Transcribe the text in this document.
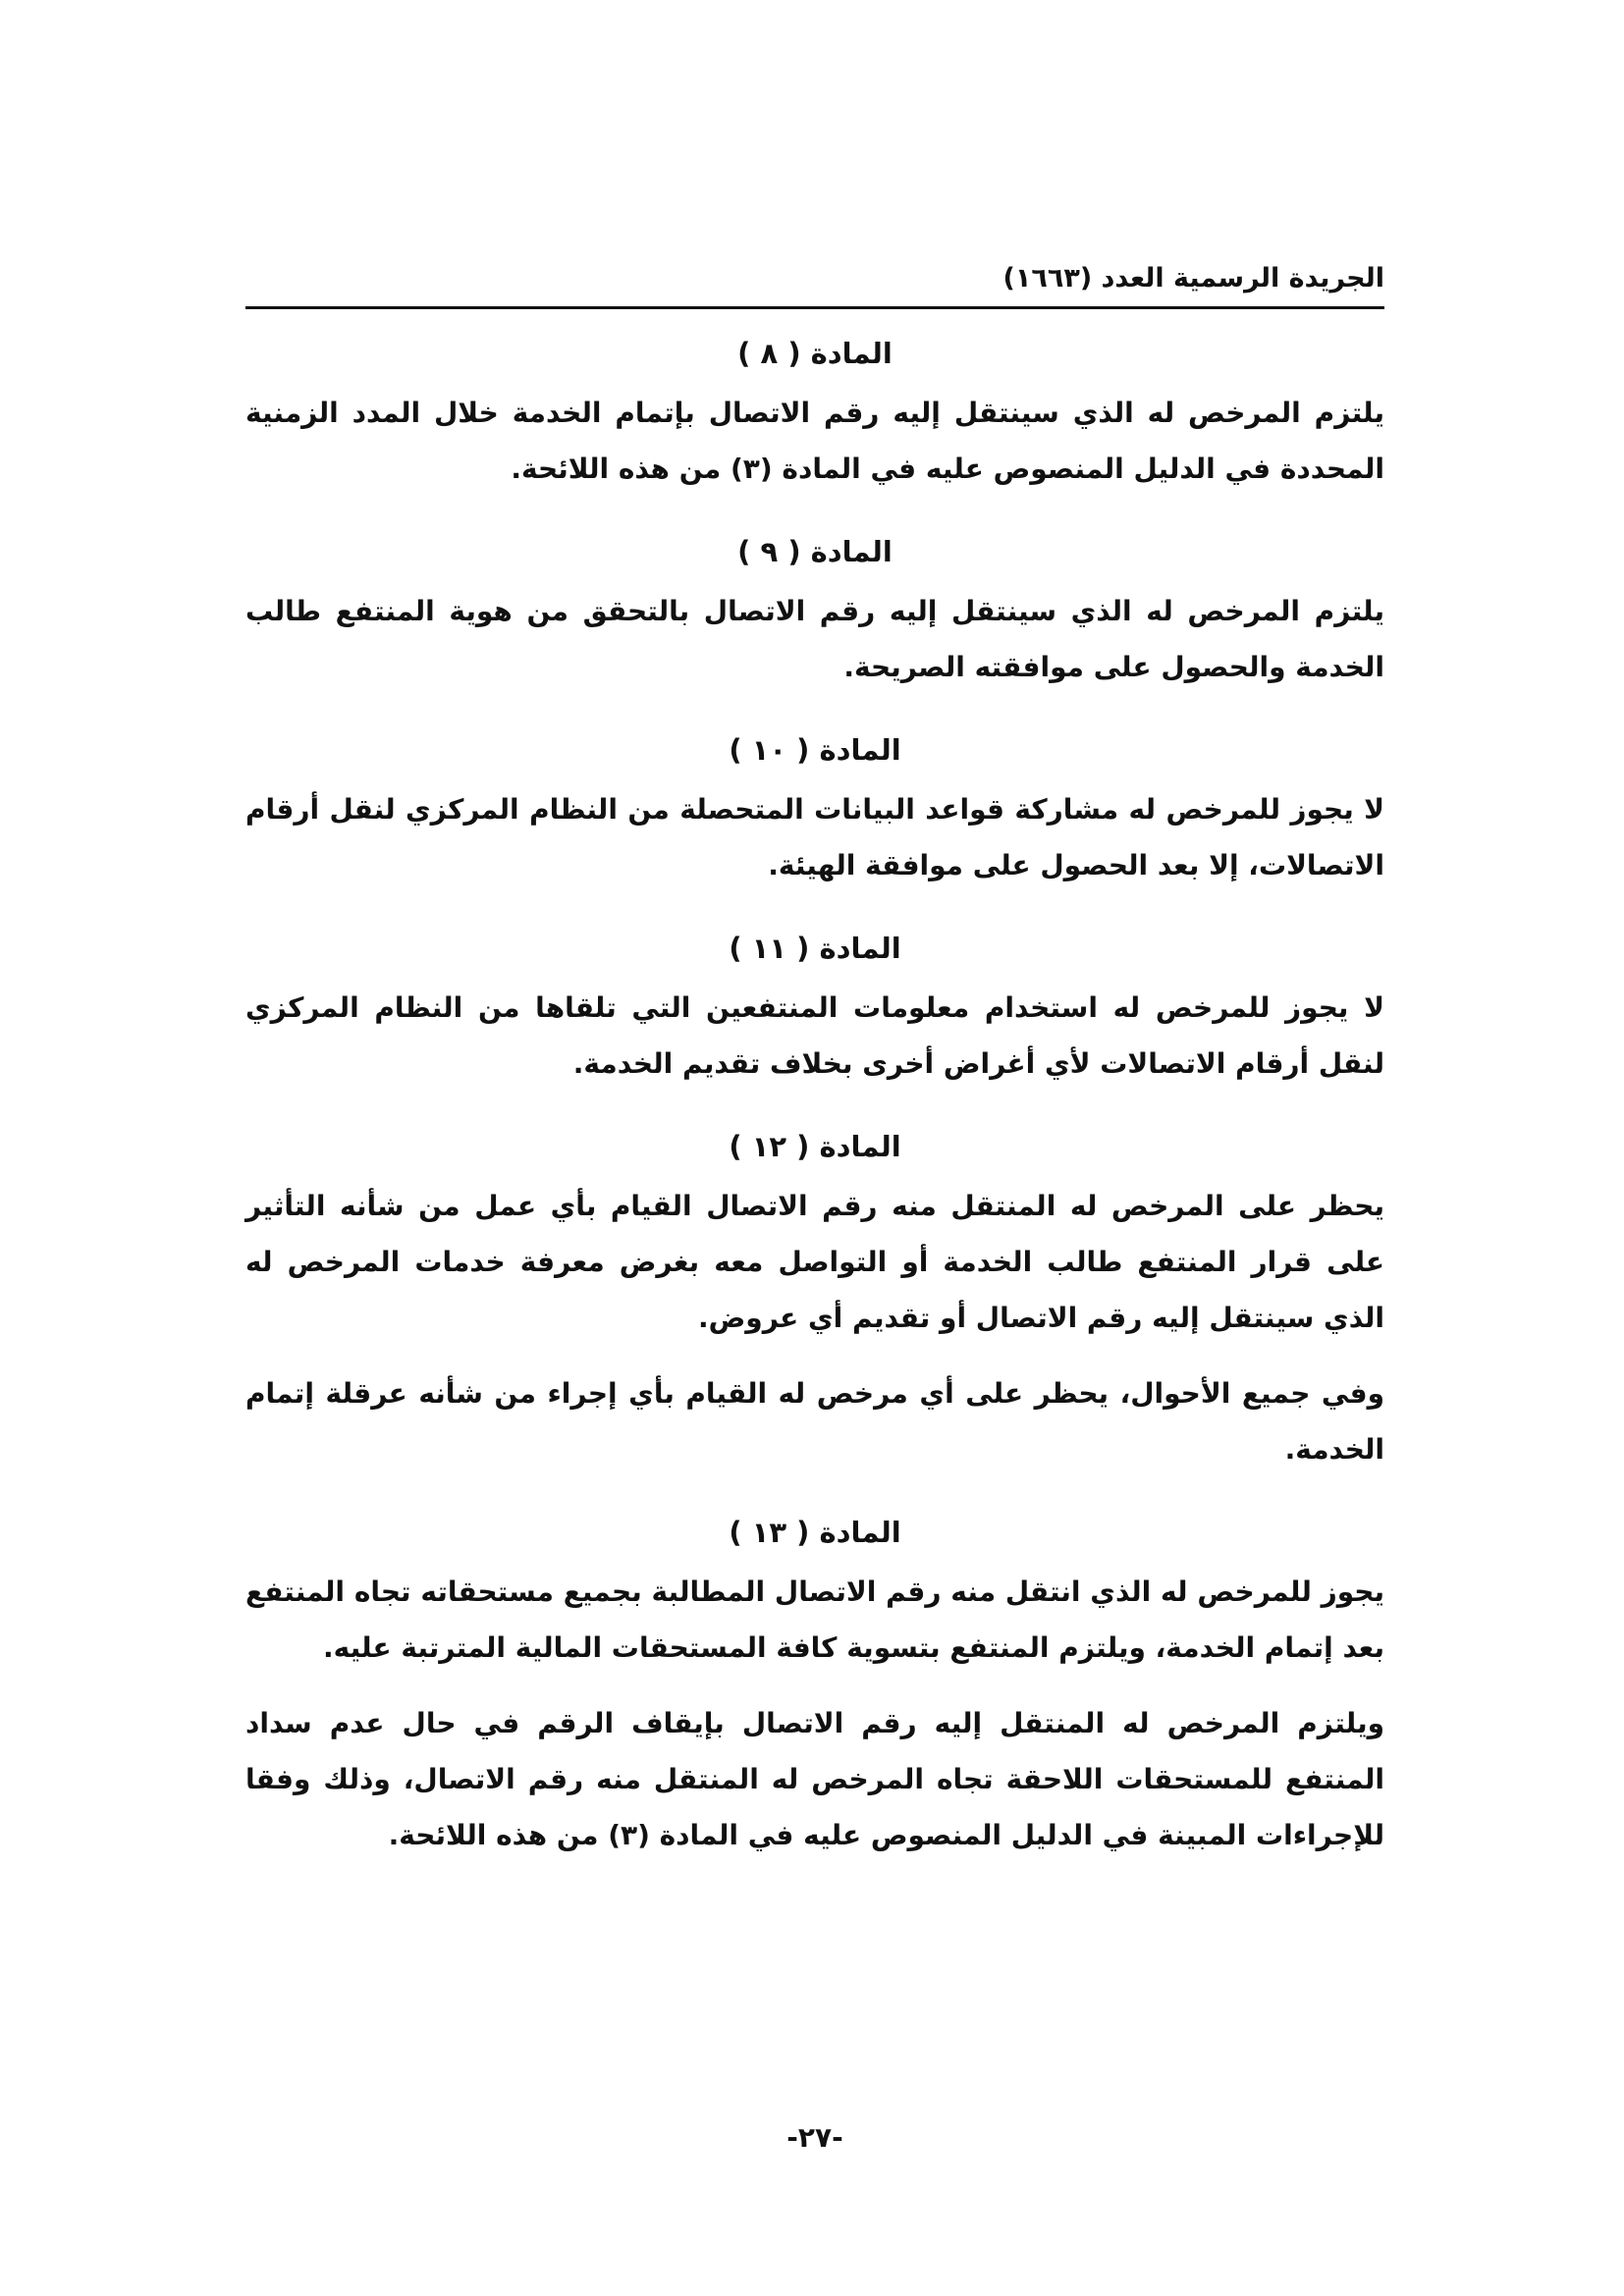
الجريدة الرسمية العدد (١٦٦٣)
المادة ( ٨ )

يلتزم المرخص له الذي سينتقل إليه رقم الاتصال بإتمام الخدمة خلال المدد الزمنية المحددة في الدليل المنصوص عليه في المادة (٣) من هذه اللائحة.

المادة ( ٩ )

يلتزم المرخص له الذي سينتقل إليه رقم الاتصال بالتحقق من هوية المنتفع طالب الخدمة والحصول على موافقته الصريحة.

المادة ( ١٠ )

لا يجوز للمرخص له مشاركة قواعد البيانات المتحصلة من النظام المركزي لنقل أرقام الاتصالات، إلا بعد الحصول على موافقة الهيئة.

المادة ( ١١ )

لا يجوز للمرخص له استخدام معلومات المنتفعين التي تلقاها من النظام المركزي لنقل أرقام الاتصالات لأي أغراض أخرى بخلاف تقديم الخدمة.

المادة ( ١٢ )

يحظر على المرخص له المنتقل منه رقم الاتصال القيام بأي عمل من شأنه التأثير على قرار المنتفع طالب الخدمة أو التواصل معه بغرض معرفة خدمات المرخص له الذي سينتقل إليه رقم الاتصال أو تقديم أي عروض.

وفي جميع الأحوال، يحظر على أي مرخص له القيام بأي إجراء من شأنه عرقلة إتمام الخدمة.

المادة ( ١٣ )

يجوز للمرخص له الذي انتقل منه رقم الاتصال المطالبة بجميع مستحقاته تجاه المنتفع بعد إتمام الخدمة، ويلتزم المنتفع بتسوية كافة المستحقات المالية المترتبة عليه.

ويلتزم المرخص له المنتقل إليه رقم الاتصال بإيقاف الرقم في حال عدم سداد المنتفع للمستحقات اللاحقة تجاه المرخص له المنتقل منه رقم الاتصال، وذلك وفقا للإجراءات المبينة في الدليل المنصوص عليه في المادة (٣) من هذه اللائحة.

-٢٧-
